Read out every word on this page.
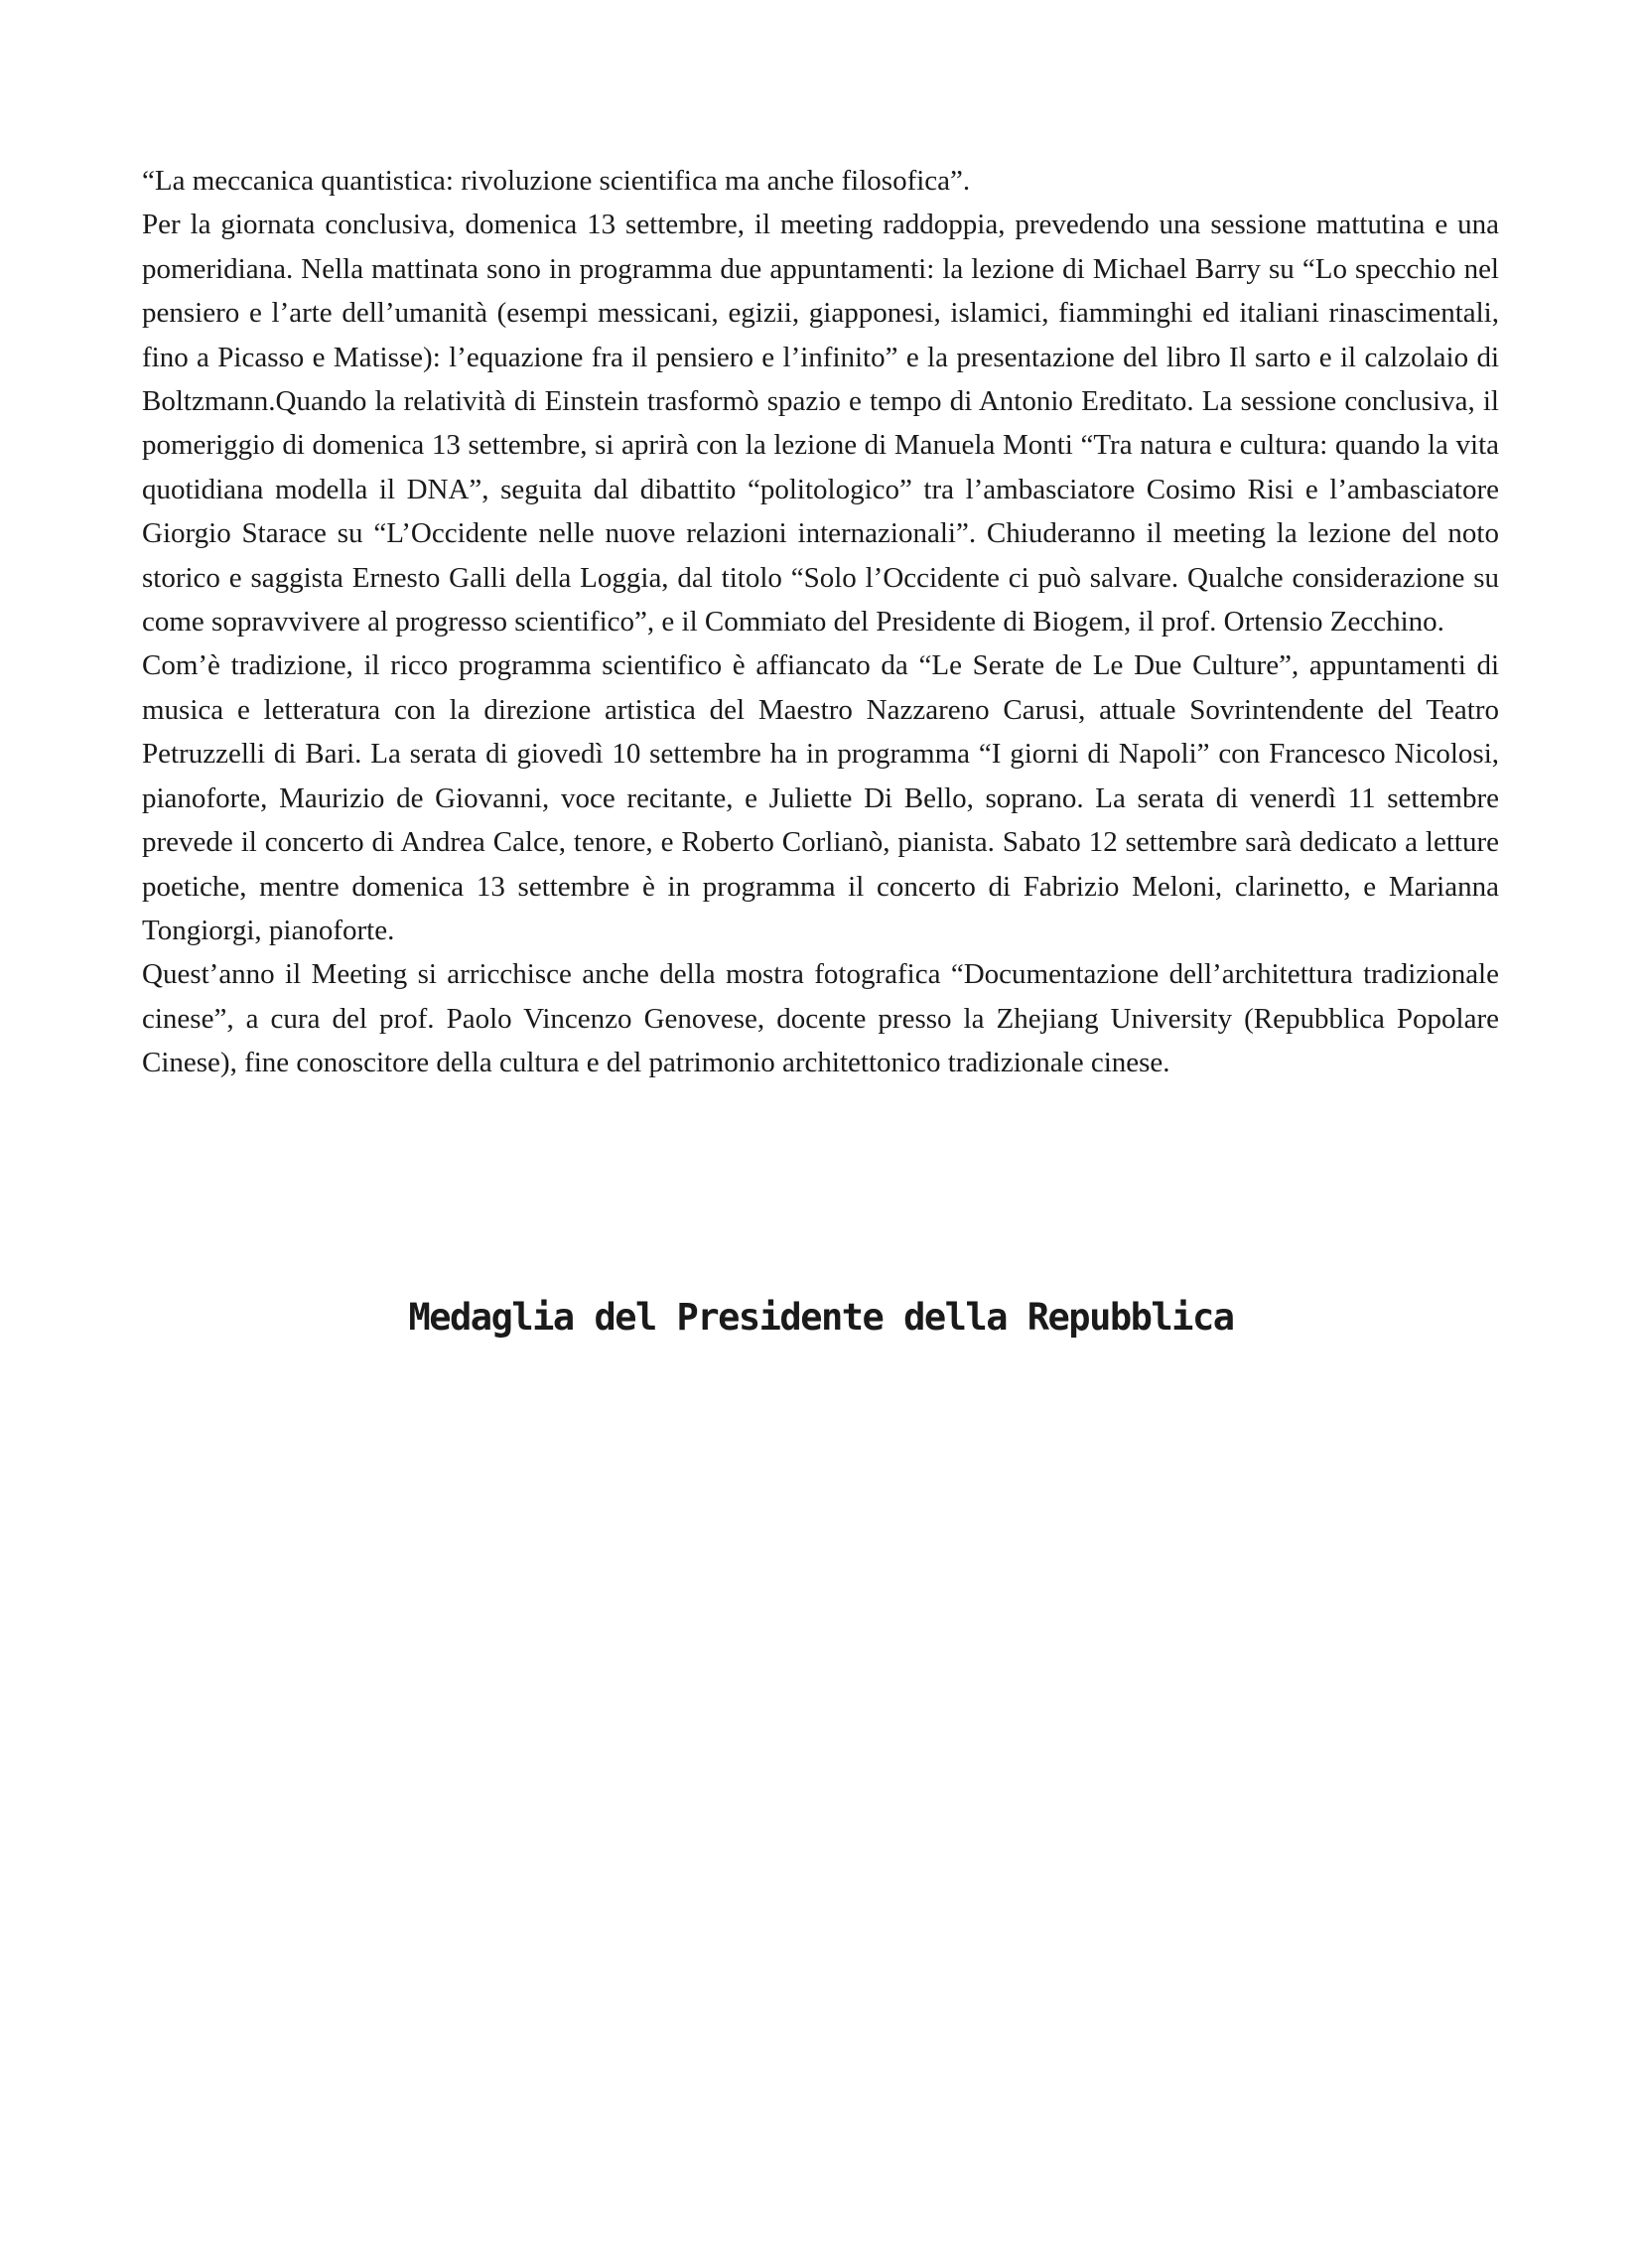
“La meccanica quantistica: rivoluzione scientifica ma anche filosofica”.

Per la giornata conclusiva, domenica 13 settembre, il meeting raddoppia, prevedendo una sessione mattutina e una pomeridiana. Nella mattinata sono in programma due appuntamenti: la lezione di Michael Barry su “Lo specchio nel pensiero e l’arte dell’umanità (esempi messicani, egizii, giapponesi, islamici, fiamminghi ed italiani rinascimentali, fino a Picasso e Matisse): l’equazione fra il pensiero e l’infinito” e la presentazione del libro Il sarto e il calzolaio di Boltzmann.Quando la relatività di Einstein trasformò spazio e tempo di Antonio Ereditato. La sessione conclusiva, il pomeriggio di domenica 13 settembre, si aprirà con la lezione di Manuela Monti “Tra natura e cultura: quando la vita quotidiana modella il DNA”, seguita dal dibattito “politologico” tra l’ambasciatore Cosimo Risi e l’ambasciatore Giorgio Starace su “L’Occidente nelle nuove relazioni internazionali”. Chiuderanno il meeting la lezione del noto storico e saggista Ernesto Galli della Loggia, dal titolo “Solo l’Occidente ci può salvare. Qualche considerazione su come sopravvivere al progresso scientifico”, e il Commiato del Presidente di Biogem, il prof. Ortensio Zecchino.

Com’è tradizione, il ricco programma scientifico è affiancato da “Le Serate de Le Due Culture”, appuntamenti di musica e letteratura con la direzione artistica del Maestro Nazzareno Carusi, attuale Sovrintendente del Teatro Petruzzelli di Bari. La serata di giovedì 10 settembre ha in programma “I giorni di Napoli” con Francesco Nicolosi, pianoforte, Maurizio de Giovanni, voce recitante, e Juliette Di Bello, soprano. La serata di venerdì 11 settembre prevede il concerto di Andrea Calce, tenore, e Roberto Corlianò, pianista. Sabato 12 settembre sarà dedicato a letture poetiche, mentre domenica 13 settembre è in programma il concerto di Fabrizio Meloni, clarinetto, e Marianna Tongiorgi, pianoforte.

Quest’anno il Meeting si arricchisce anche della mostra fotografica “Documentazione dell’architettura tradizionale cinese”, a cura del prof. Paolo Vincenzo Genovese, docente presso la Zhejiang University (Repubblica Popolare Cinese), fine conoscitore della cultura e del patrimonio architettonico tradizionale cinese.

Medaglia del Presidente della Repubblica
